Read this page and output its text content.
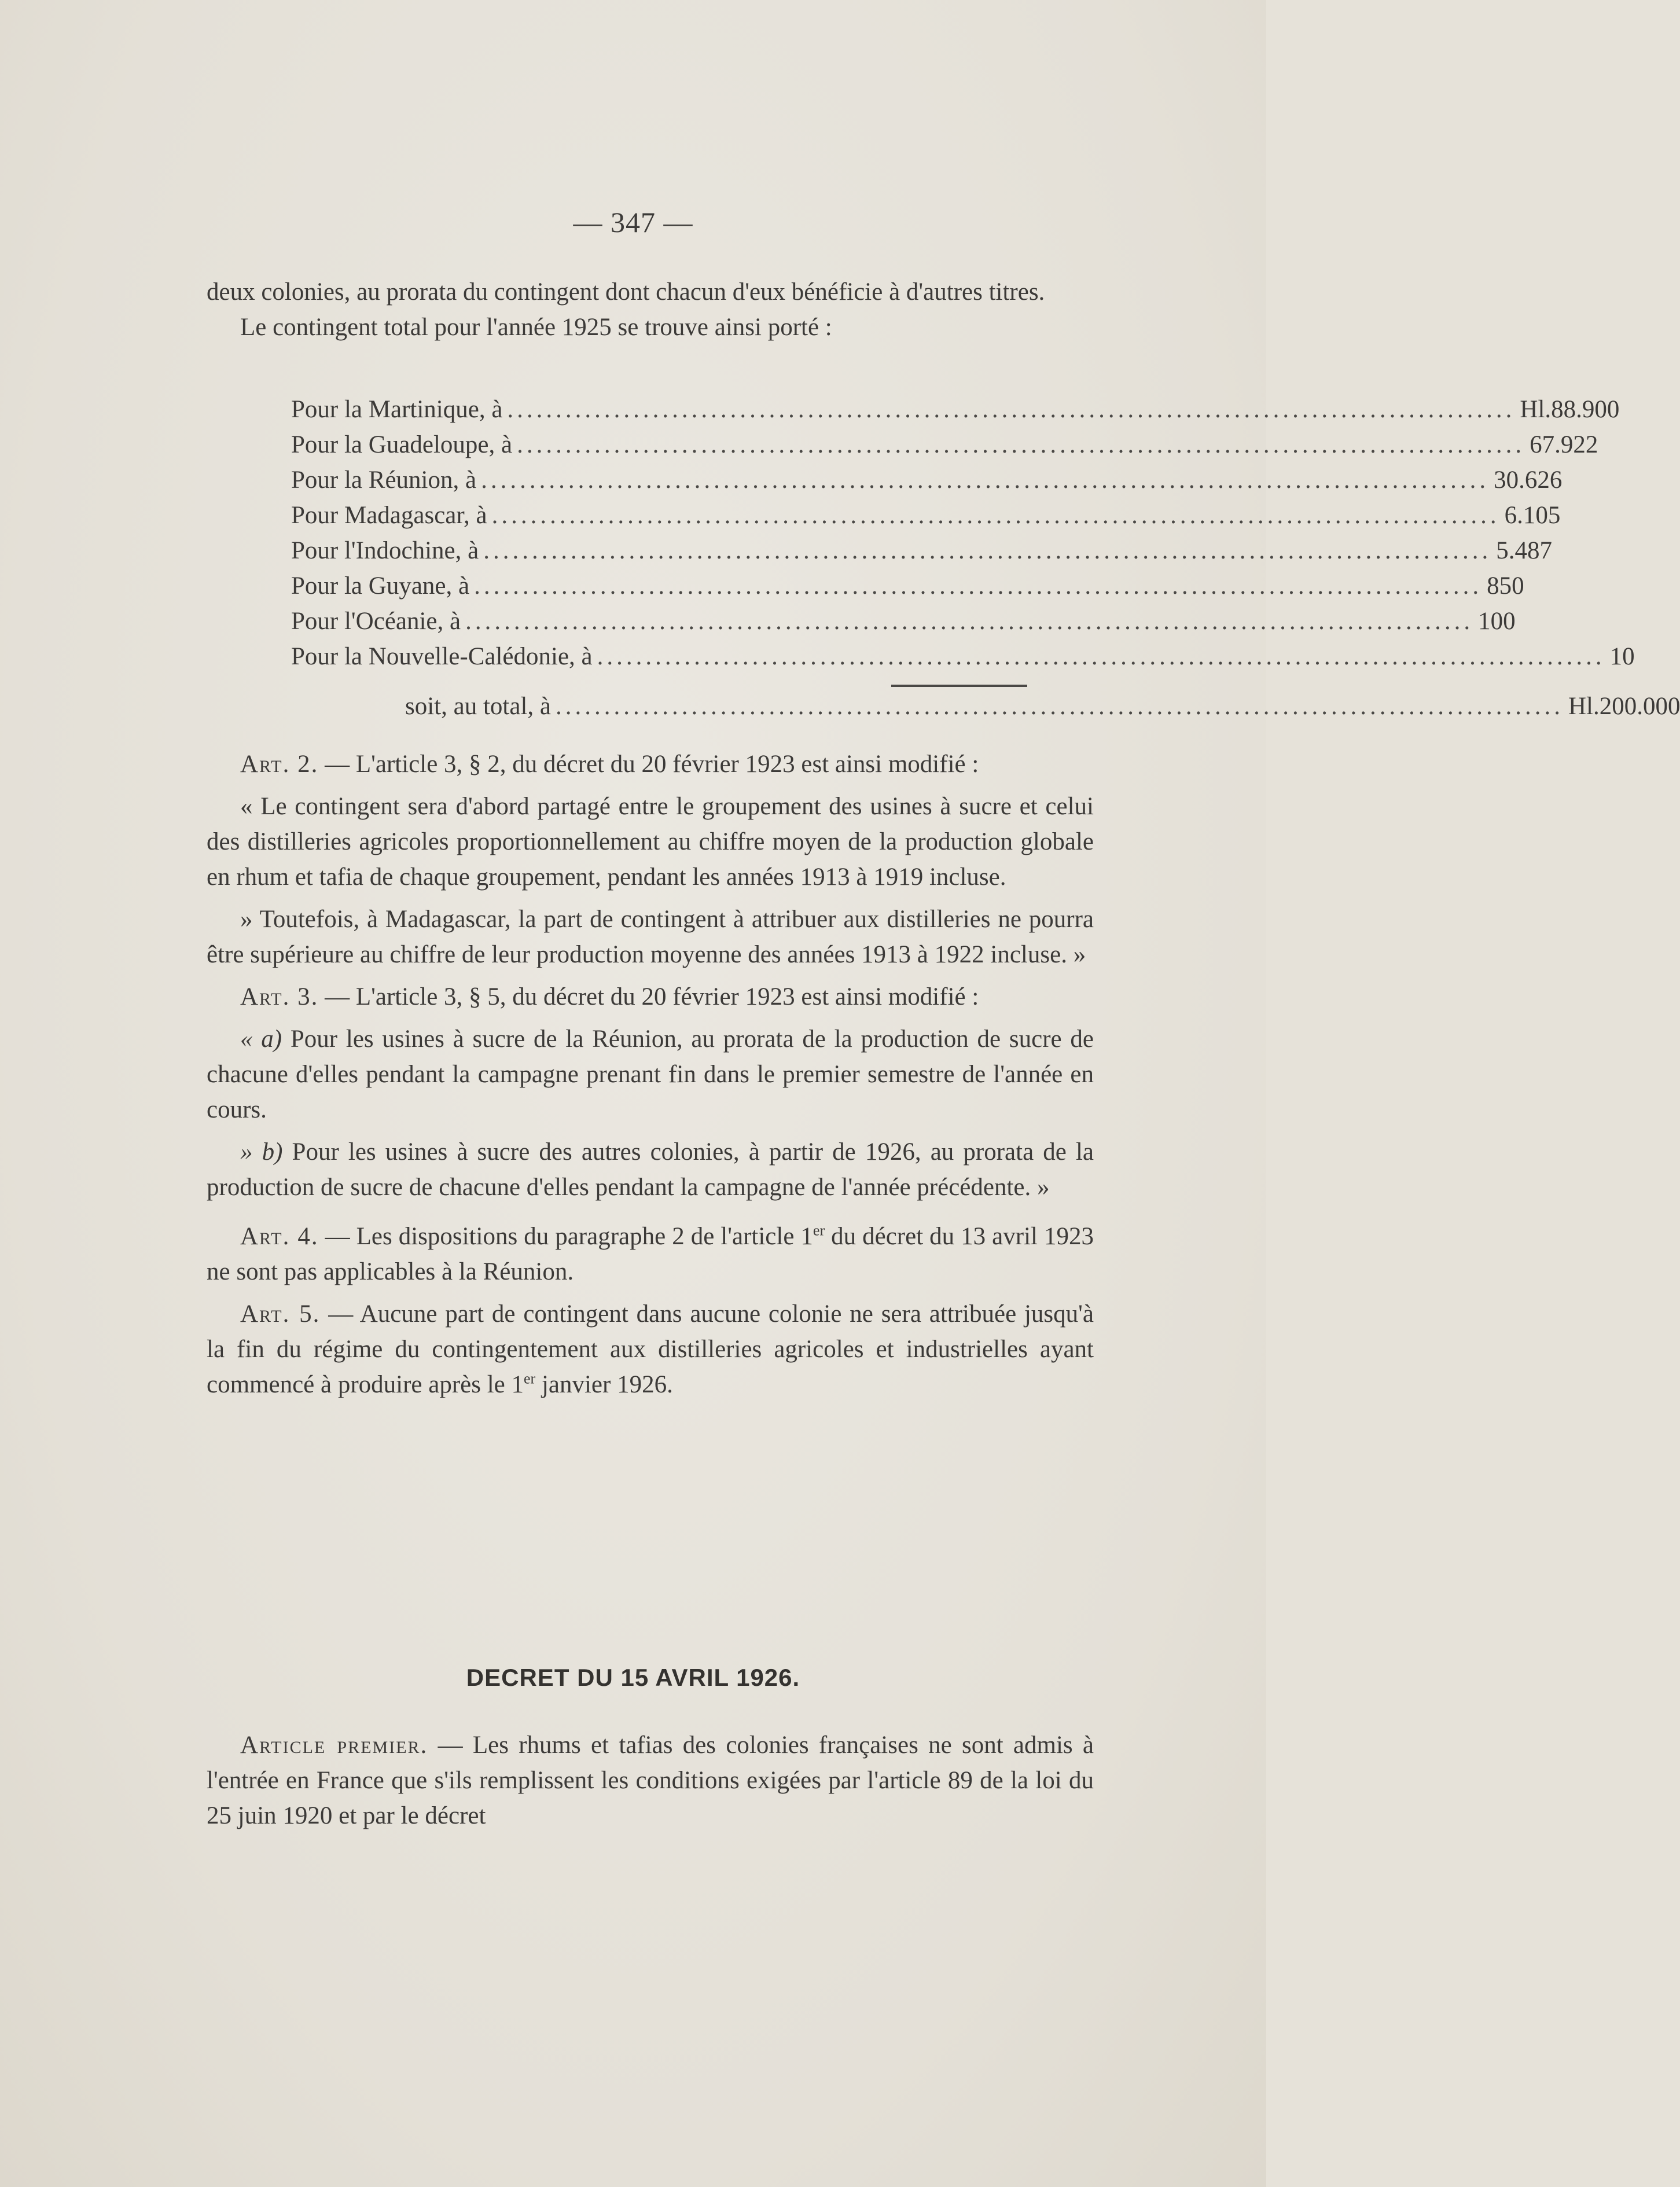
— 347 —

deux colonies, au prorata du contingent dont chacun d'eux bénéficie à d'autres titres.

Le contingent total pour l'année 1925 se trouve ainsi porté :

Pour la Martinique, à ........................................................................................................ Hl. 88.900
Pour la Guadeloupe, à ........................................................................................................ 67.922
Pour la Réunion, à ........................................................................................................ 30.626
Pour Madagascar, à ........................................................................................................ 6.105
Pour l'Indochine, à ........................................................................................................ 5.487
Pour la Guyane, à ........................................................................................................ 850
Pour l'Océanie, à ........................................................................................................ 100
Pour la Nouvelle-Calédonie, à ........................................................................................................ 10
soit, au total, à ........................................................................................................ Hl. 200.000

Art. 2. — L'article 3, § 2, du décret du 20 février 1923 est ainsi modifié :

« Le contingent sera d'abord partagé entre le groupement des usines à sucre et celui des distilleries agricoles proportionnellement au chiffre moyen de la production globale en rhum et tafia de chaque groupement, pendant les années 1913 à 1919 incluse.

» Toutefois, à Madagascar, la part de contingent à attribuer aux distilleries ne pourra être supérieure au chiffre de leur production moyenne des années 1913 à 1922 incluse. »

Art. 3. — L'article 3, § 5, du décret du 20 février 1923 est ainsi modifié :

« a) Pour les usines à sucre de la Réunion, au prorata de la production de sucre de chacune d'elles pendant la campagne prenant fin dans le premier semestre de l'année en cours.

» b) Pour les usines à sucre des autres colonies, à partir de 1926, au prorata de la production de sucre de chacune d'elles pendant la campagne de l'année précédente. »

Art. 4. — Les dispositions du paragraphe 2 de l'article 1er du décret du 13 avril 1923 ne sont pas applicables à la Réunion.

Art. 5. — Aucune part de contingent dans aucune colonie ne sera attribuée jusqu'à la fin du régime du contingentement aux distilleries agricoles et industrielles ayant commencé à produire après le 1er janvier 1926.

DECRET DU 15 AVRIL 1926.

Article premier. — Les rhums et tafias des colonies françaises ne sont admis à l'entrée en France que s'ils remplissent les conditions exigées par l'article 89 de la loi du 25 juin 1920 et par le décret
